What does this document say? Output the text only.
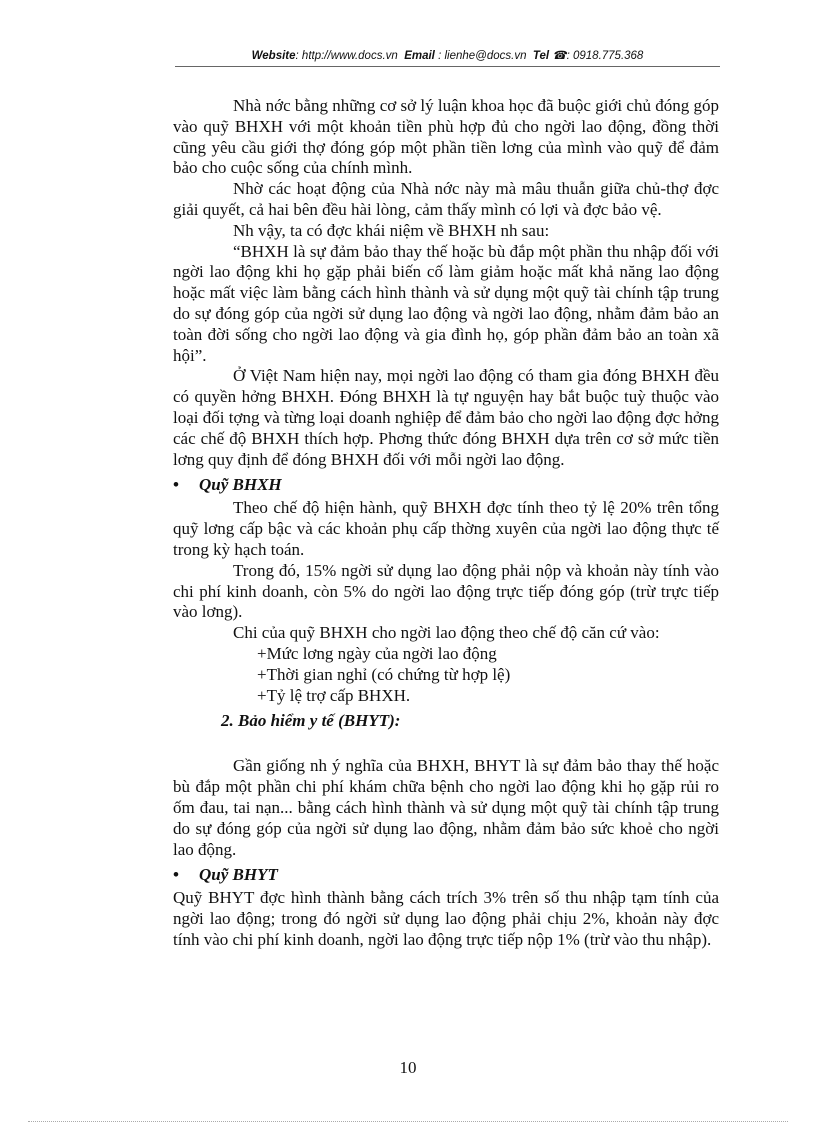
Website: http://www.docs.vn Email : lienhe@docs.vn Tel ☎: 0918.775.368

Nhà nớc bằng những cơ sở lý luận khoa học đã buộc giới chủ đóng góp vào quỹ BHXH với một khoản tiền phù hợp đủ cho ngời lao động, đồng thời cũng yêu cầu giới thợ đóng góp một phần tiền lơng của mình vào quỹ để đảm bảo cho cuộc sống của chính mình.

Nhờ các hoạt động của Nhà nớc này mà mâu thuẫn giữa chủ-thợ đợc giải quyết, cả hai bên đều hài lòng, cảm thấy mình có lợi và đợc bảo vệ.

Nh vậy, ta có đợc khái niệm về BHXH nh sau:

“BHXH là sự đảm bảo thay thế hoặc bù đắp một phần thu nhập đối với ngời lao động khi họ gặp phải biến cố làm giảm hoặc mất khả năng lao động hoặc mất việc làm bằng cách hình thành và sử dụng một quỹ tài chính tập trung do sự đóng góp của ngời sử dụng lao động và ngời lao động, nhằm đảm bảo an toàn đời sống cho ngời lao động và gia đình họ, góp phần đảm bảo an toàn xã hội”.

Ở Việt Nam hiện nay, mọi ngời lao động có tham gia đóng BHXH đều có quyền hởng BHXH. Đóng BHXH là tự nguyện hay bắt buộc tuỳ thuộc vào loại đối tợng và từng loại doanh nghiệp để đảm bảo cho ngời lao động đợc hởng các chế độ BHXH thích hợp. Phơng thức đóng BHXH dựa trên cơ sở mức tiền lơng quy định để đóng BHXH đối với mỗi ngời lao động.

• Quỹ BHXH

Theo chế độ hiện hành, quỹ BHXH đợc tính theo tỷ lệ 20% trên tổng quỹ lơng cấp bậc và các khoản phụ cấp thờng xuyên của ngời lao động thực tế trong kỳ hạch toán.

Trong đó, 15% ngời sử dụng lao động phải nộp và khoản này tính vào chi phí kinh doanh, còn 5% do ngời lao động trực tiếp đóng góp (trừ trực tiếp vào lơng).

Chi của quỹ BHXH cho ngời lao động theo chế độ căn cứ vào:

+Mức lơng ngày của ngời lao động

+Thời gian nghỉ (có chứng từ hợp lệ)

+Tỷ lệ trợ cấp BHXH.

2. Bảo hiểm y tế (BHYT):

Gần giống nh ý nghĩa của BHXH, BHYT là sự đảm bảo thay thế hoặc bù đắp một phần chi phí khám chữa bệnh cho ngời lao động khi họ gặp rủi ro ốm đau, tai nạn... bằng cách hình thành và sử dụng một quỹ tài chính tập trung do sự đóng góp của ngời sử dụng lao động, nhằm đảm bảo sức khoẻ cho ngời lao động.

• Quỹ BHYT

Quỹ BHYT đợc hình thành bằng cách trích 3% trên số thu nhập tạm tính của ngời lao động; trong đó ngời sử dụng lao động phải chịu 2%, khoản này đợc tính vào chi phí kinh doanh, ngời lao động trực tiếp nộp 1% (trừ vào thu nhập).

10
